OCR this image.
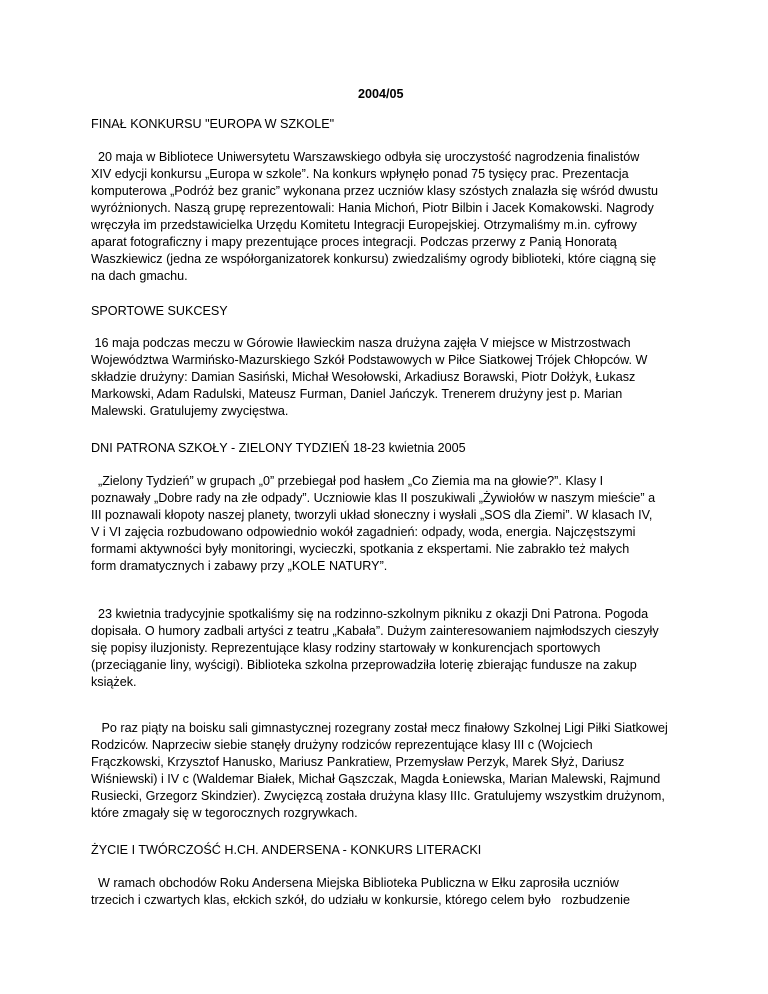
2004/05
FINAŁ KONKURSU "EUROPA W SZKOLE"
20 maja w Bibliotece Uniwersytetu Warszawskiego odbyła się uroczystość nagrodzenia finalistów
XIV edycji konkursu „Europa w szkole”. Na konkurs wpłynęło ponad 75 tysięcy prac. Prezentacja
komputerowa „Podróż bez granic” wykonana przez uczniów klasy szóstych znalazła się wśród dwustu
wyróżnionych. Naszą grupę reprezentowali: Hania Michoń, Piotr Bilbin i Jacek Komakowski. Nagrody
wręczyła im przedstawicielka Urzędu Komitetu Integracji Europejskiej. Otrzymaliśmy m.in. cyfrowy
aparat fotograficzny i mapy prezentujące proces integracji. Podczas przerwy z Panią Honoratą
Waszkiewicz (jedna ze współorganizatorek konkursu) zwiedzaliśmy ogrody biblioteki, które ciągną się
na dach gmachu.
SPORTOWE SUKCESY
16 maja podczas meczu w Górowie Iławieckim nasza drużyna zajęła V miejsce w Mistrzostwach
Województwa Warmińsko-Mazurskiego Szkół Podstawowych w Piłce Siatkowej Trójek Chłopców. W
składzie drużyny: Damian Sasiński, Michał Wesołowski, Arkadiusz Borawski, Piotr Dołżyk, Łukasz
Markowski, Adam Radulski, Mateusz Furman, Daniel Jańczyk. Trenerem drużyny jest p. Marian
Malewski. Gratulujemy zwycięstwa.
DNI PATRONA SZKOŁY - ZIELONY TYDZIEŃ 18-23 kwietnia 2005
„Zielony Tydzień” w grupach „0” przebiegał pod hasłem „Co Ziemia ma na głowie?”. Klasy I
poznawały „Dobre rady na złe odpady”. Uczniowie klas II poszukiwali „Żywiołów w naszym mieście” a
III poznawali kłopoty naszej planety, tworzyli układ słoneczny i wysłali „SOS dla Ziemi”. W klasach IV,
V i VI zajęcia rozbudowano odpowiednio wokół zagadnień: odpady, woda, energia. Najczęstszymi
formami aktywności były monitoringi, wycieczki, spotkania z ekspertami. Nie zabrakło też małych
form dramatycznych i zabawy przy „KOLE NATURY”.
23 kwietnia tradycyjnie spotkaliśmy się na rodzinno-szkolnym pikniku z okazji Dni Patrona. Pogoda
dopisała. O humory zadbali artyści z teatru „Kabała”. Dużym zainteresowaniem najmłodszych cieszyły
się popisy iluzjonisty. Reprezentujące klasy rodziny startowały w konkurencjach sportowych
(przeciąganie liny, wyścigi). Biblioteka szkolna przeprowadziła loterię zbierając fundusze na zakup
książek.
Po raz piąty na boisku sali gimnastycznej rozegrany został mecz finałowy Szkolnej Ligi Piłki Siatkowej
Rodziców. Naprzeciw siebie stanęły drużyny rodziców reprezentujące klasy III c (Wojciech
Frączkowski, Krzysztof Hanusko, Mariusz Pankratiew, Przemysław Perzyk, Marek Słyż, Dariusz
Wiśniewski) i IV c (Waldemar Białek, Michał Gąszczak, Magda Łoniewska, Marian Malewski, Rajmund
Rusiecki, Grzegorz Skindzier). Zwycięzcą została drużyna klasy IIIc. Gratulujemy wszystkim drużynom,
które zmagały się w tegorocznych rozgrywkach.
ŻYCIE I TWÓRCZOŚĆ H.CH. ANDERSENA - KONKURS LITERACKI
W ramach obchodów Roku Andersena Miejska Biblioteka Publiczna w Ełku zaprosiła uczniów
trzecich i czwartych klas, ełckich szkół, do udziału w konkursie, którego celem było   rozbudzenie
